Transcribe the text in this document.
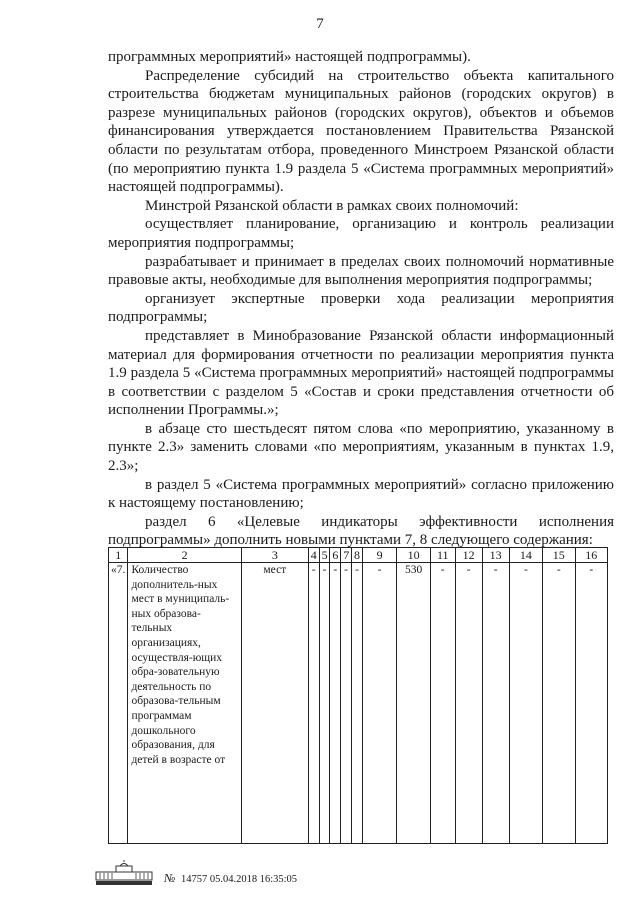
7

программных мероприятий» настоящей подпрограммы).

Распределение субсидий на строительство объекта капитального строительства бюджетам муниципальных районов (городских округов) в разрезе муниципальных районов (городских округов), объектов и объемов финансирования утверждается постановлением Правительства Рязанской области по результатам отбора, проведенного Минстроем Рязанской области (по мероприятию пункта 1.9 раздела 5 «Система программных мероприятий» настоящей подпрограммы).

Минстрой Рязанской области в рамках своих полномочий:

осуществляет планирование, организацию и контроль реализации мероприятия подпрограммы;

разрабатывает и принимает в пределах своих полномочий нормативные правовые акты, необходимые для выполнения мероприятия подпрограммы;

организует экспертные проверки хода реализации мероприятия подпрограммы;

представляет в Минобразование Рязанской области информационный материал для формирования отчетности по реализации мероприятия пункта 1.9 раздела 5 «Система программных мероприятий» настоящей подпрограммы в соответствии с разделом 5 «Состав и сроки представления отчетности об исполнении Программы.»;

в абзаце сто шестьдесят пятом слова «по мероприятию, указанному в пункте 2.3» заменить словами «по мероприятиям, указанным в пунктах 1.9, 2.3»;

в раздел 5 «Система программных мероприятий» согласно приложению к настоящему постановлению;

раздел 6 «Целевые индикаторы эффективности исполнения подпрограммы» дополнить новыми пунктами 7, 8 следующего содержания:

1	2	3	4	5	6	7	8	9	10	11	12	13	14	15	16
«7.	Количество дополнитель-ных мест в муниципаль-ных образова-тельных организациях, осуществля-ющих обра-зовательную деятельность по образова-тельным программам дошкольного образования, для детей в возрасте от	мест	-	-	-	-	-	-	530	-	-	-	-	-	-
№ 14757 05.04.2018 16:35:05
